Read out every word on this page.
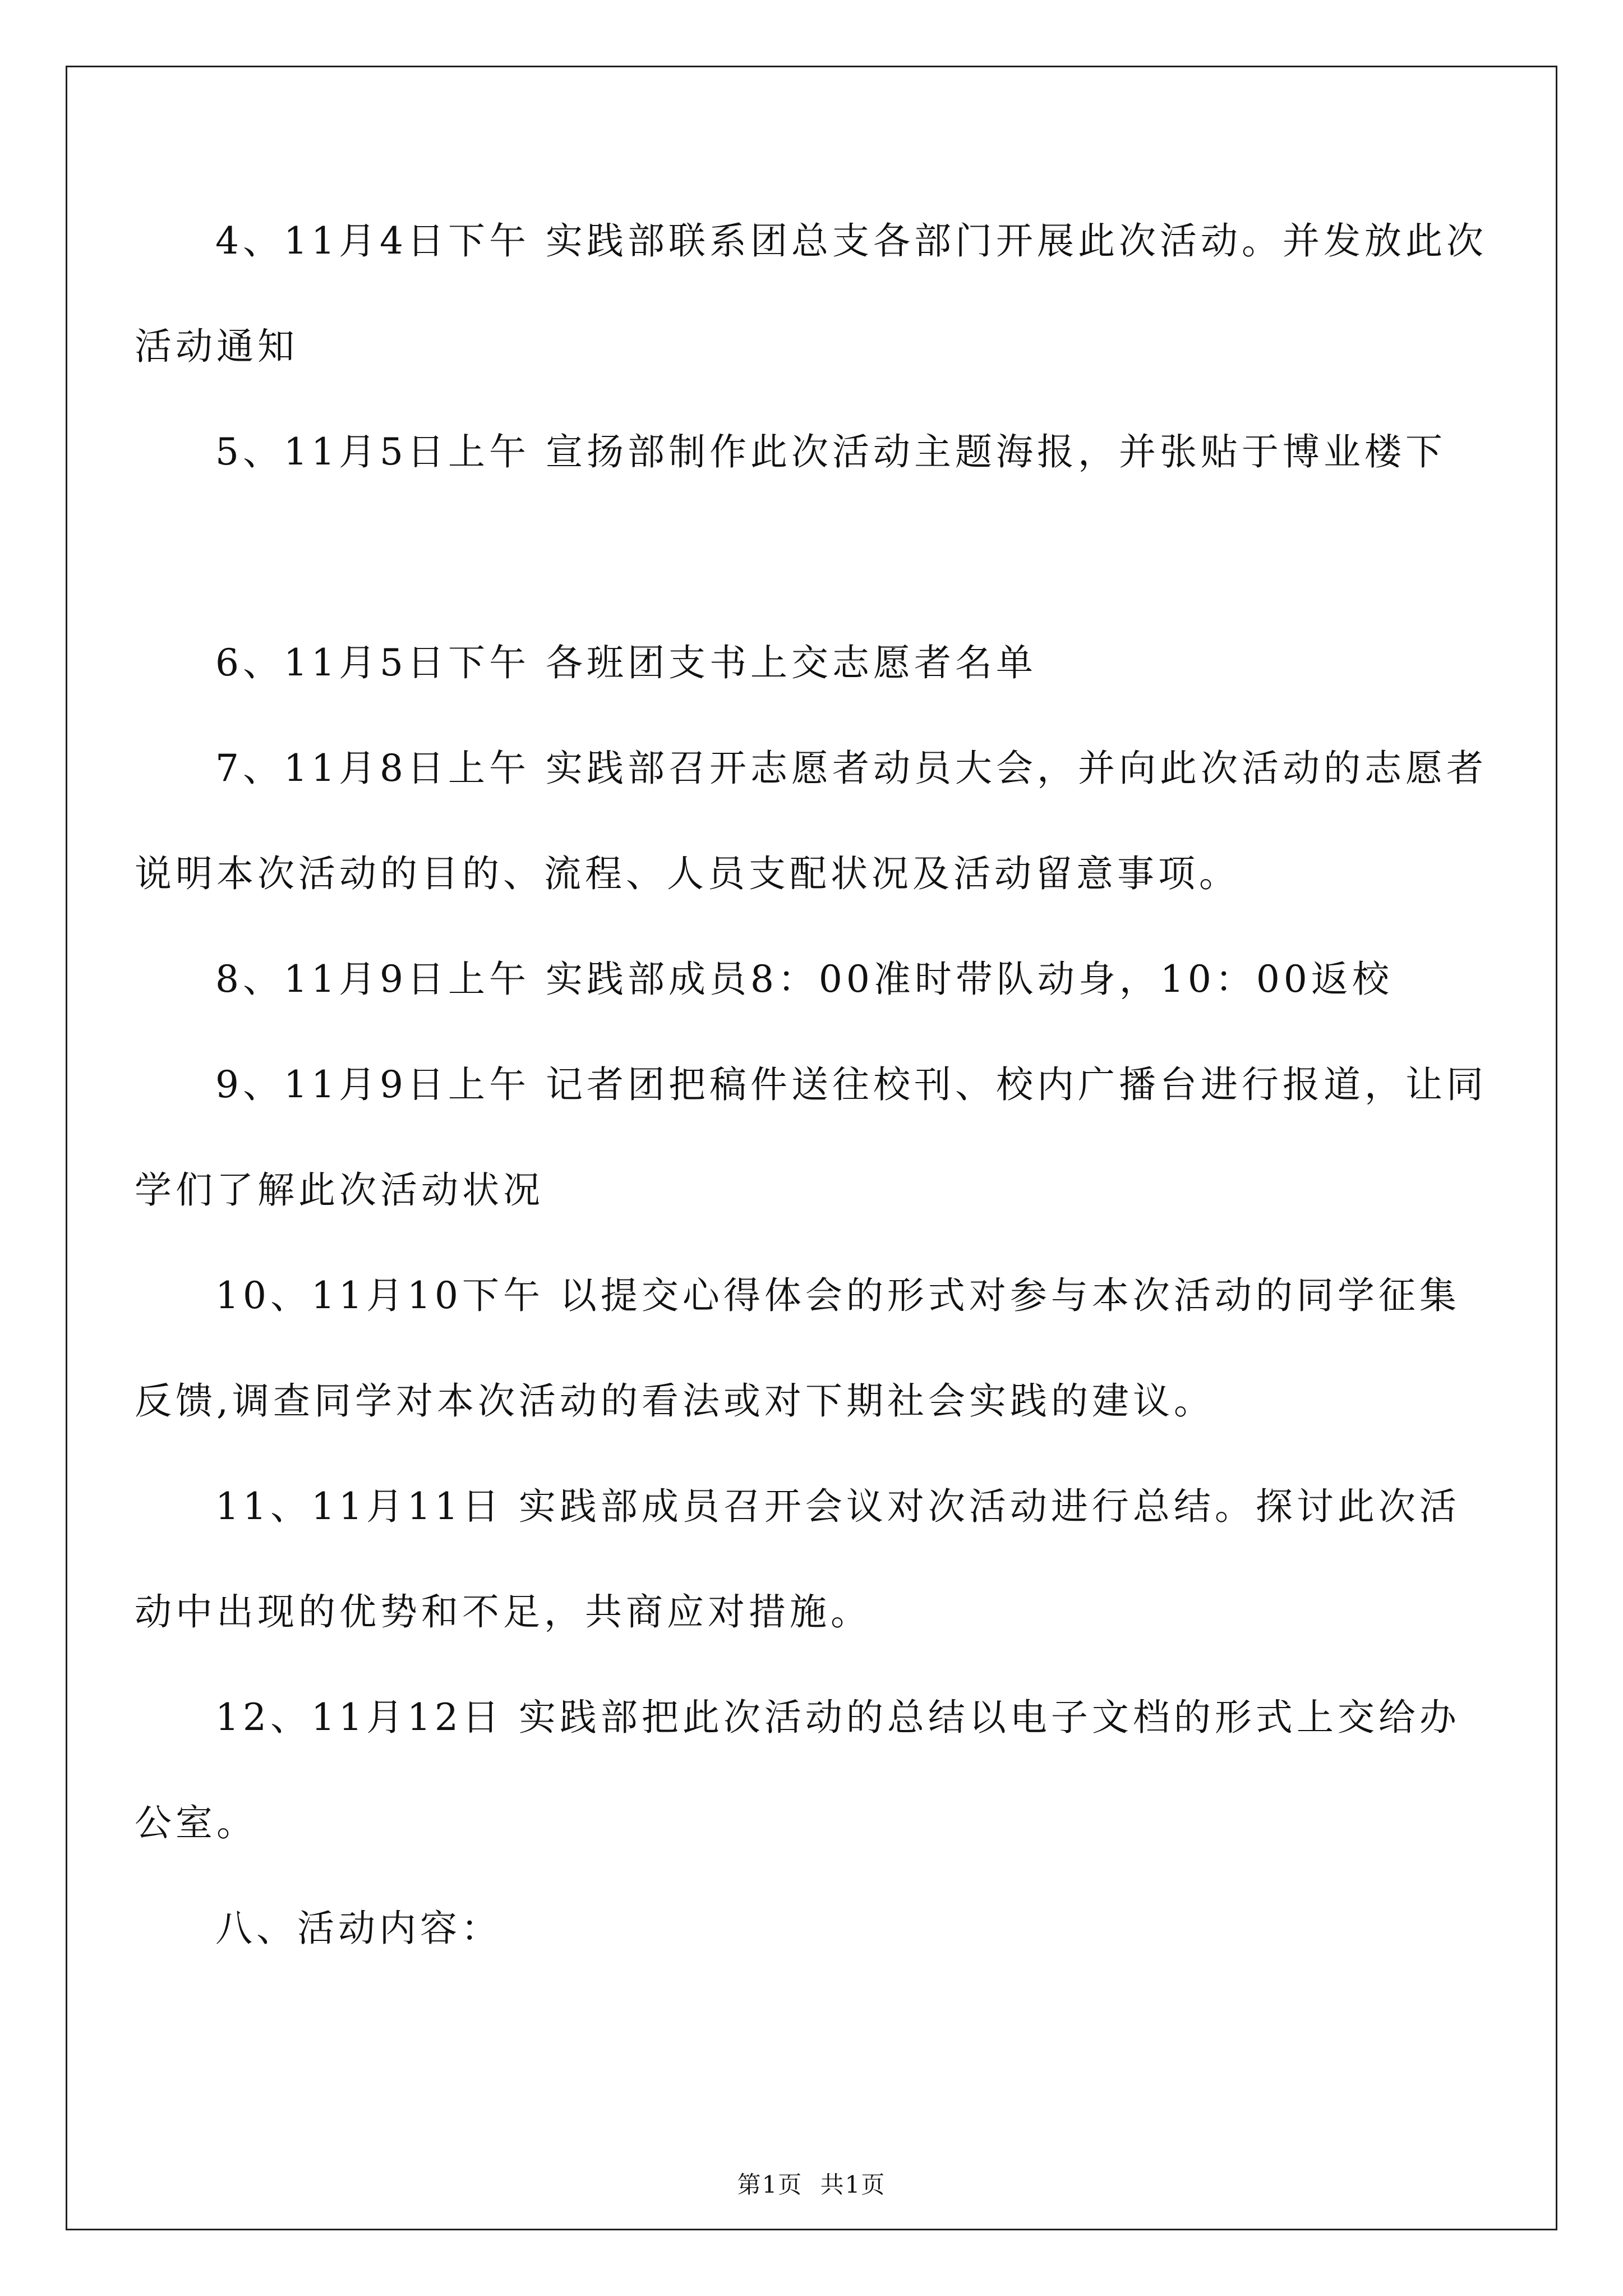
4、11月4日下午 实践部联系团总支各部门开展此次活动。并发放此次活动通知

5、11月5日上午 宣扬部制作此次活动主题海报，并张贴于博业楼下

6、11月5日下午 各班团支书上交志愿者名单

7、11月8日上午 实践部召开志愿者动员大会，并向此次活动的志愿者说明本次活动的目的、流程、人员支配状况及活动留意事项。

8、11月9日上午 实践部成员8：00准时带队动身，10：00返校

9、11月9日上午 记者团把稿件送往校刊、校内广播台进行报道，让同学们了解此次活动状况

10、11月10下午 以提交心得体会的形式对参与本次活动的同学征集反馈,调查同学对本次活动的看法或对下期社会实践的建议。

11、11月11日 实践部成员召开会议对次活动进行总结。探讨此次活动中出现的优势和不足，共商应对措施。

12、11月12日 实践部把此次活动的总结以电子文档的形式上交给办公室。

八、活动内容：

第1页 共1页
